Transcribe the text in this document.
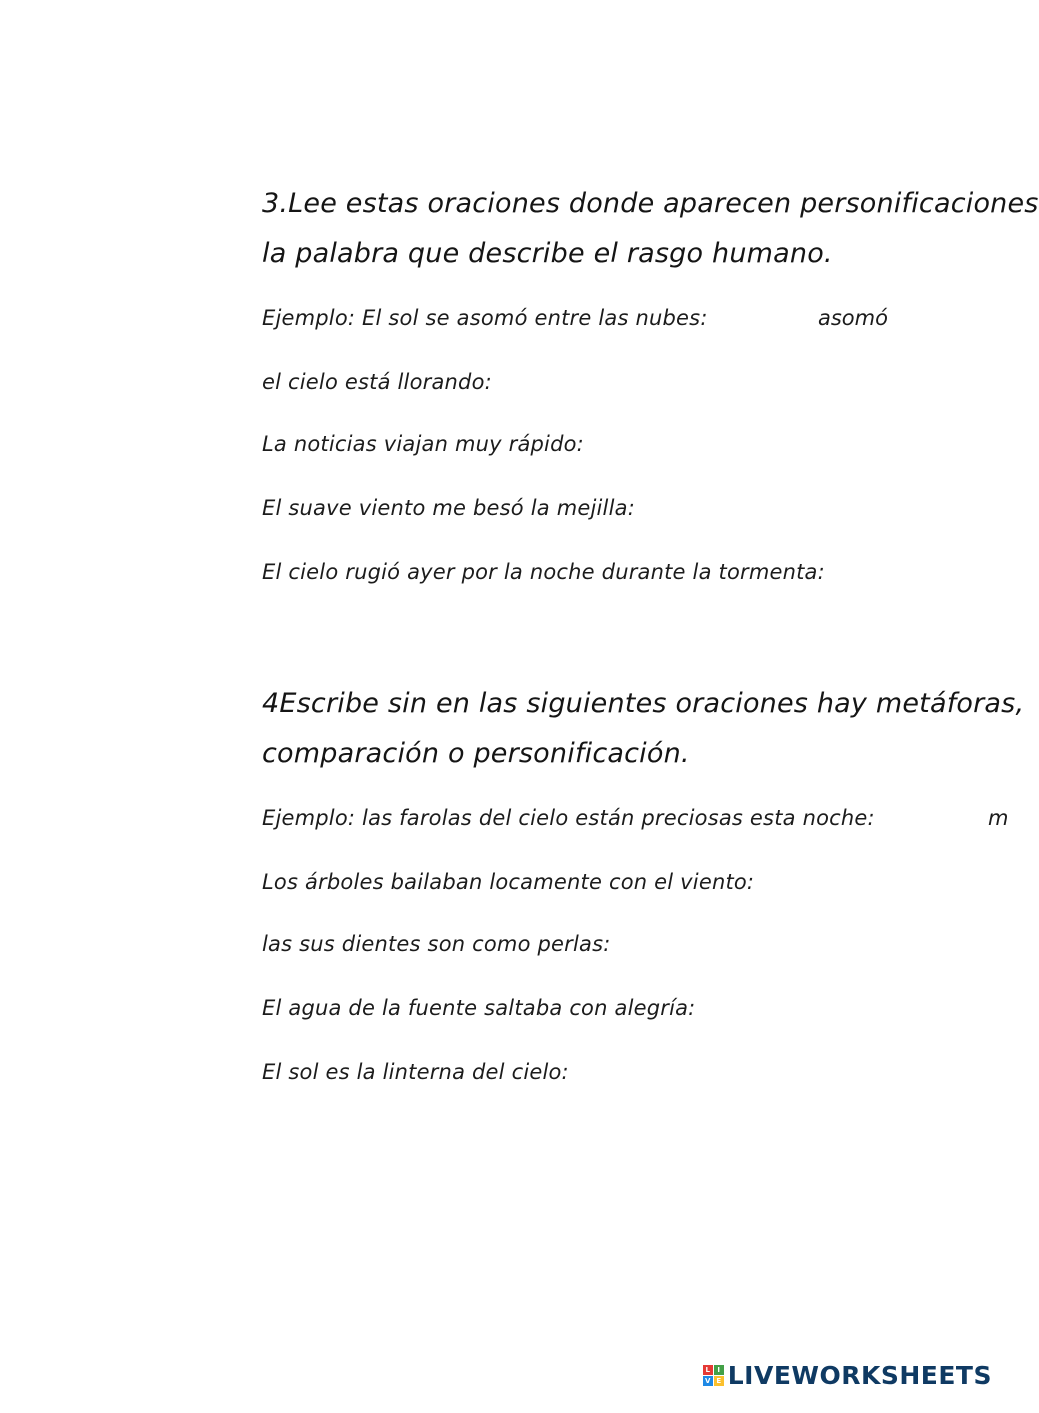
3.Lee estas oraciones donde aparecen personificaciones
la palabra que describe el rasgo humano.
Ejemplo: El sol se asomó entre las nubes:	asomó
el cielo está llorando:
La noticias viajan muy rápido:
El suave viento me besó la mejilla:
El cielo rugió ayer por la noche durante la tormenta:
4Escribe sin en las siguientes oraciones hay metáforas,
comparación o personificación.
Ejemplo: las farolas del cielo están preciosas esta noche:	m
Los árboles bailaban locamente con el viento:
las sus dientes son como perlas:
El agua de la fuente saltaba con alegría:
El sol es la linterna del cielo:
L	I
V E LIVEWORKSHEETS
